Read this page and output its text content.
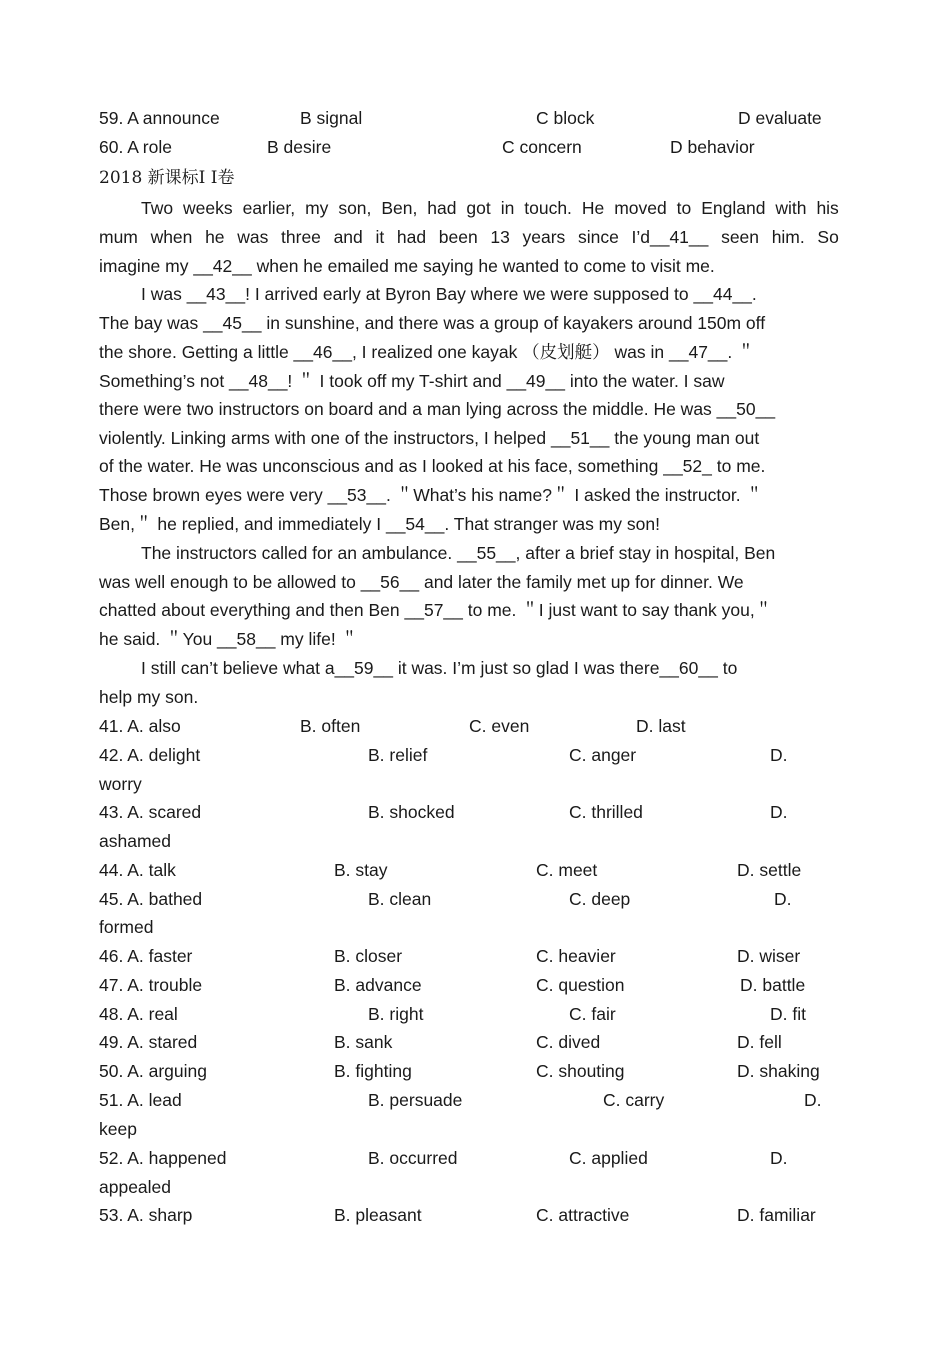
59. A announce	B signal	C block	D evaluate
60. A role	B desire	C concern	D behavior
2018 新课标Ⅰ Ⅰ卷
Two weeks earlier, my son, Ben, had got in touch. He moved to England with his
mum when he was three and it had been 13 years since I’d__41__ seen him. So
imagine my __42__ when he emailed me saying he wanted to come to visit me.
I was __43__! I arrived early at Byron Bay where we were supposed to __44__.
The bay was __45__ in sunshine, and there was a group of kayakers around 150m off
the shore. Getting a little __46__, I realized one kayak （皮划艇） was in __47__. ＂
Something’s not __48__! ＂ I took off my T-shirt and __49__ into the water. I saw
there were two instructors on board and a man lying across the middle. He was __50__
violently. Linking arms with one of the instructors, I helped __51__ the young man out
of the water. He was unconscious and as I looked at his face, something __52_ to me.
Those brown eyes were very __53__. ＂What’s his name?＂ I asked the instructor. ＂
Ben,＂ he replied, and immediately I __54__. That stranger was my son!
The instructors called for an ambulance. __55__, after a brief stay in hospital, Ben
was well enough to be allowed to __56__ and later the family met up for dinner. We
chatted about everything and then Ben __57__ to me. ＂I just want to say thank you,＂
he said. ＂You __58__ my life! ＂
I still can’t believe what a__59__ it was. I’m just so glad I was there__60__ to
help my son.
41. A. also	B. often	C. even	D. last
42. A. delight	B. relief	C. anger	D.
worry
43. A. scared	B. shocked	C. thrilled	D.
ashamed
44. A. talk	B. stay	C. meet	D. settle
45. A. bathed	B. clean	C. deep	D.
formed
46. A. faster	B. closer	C. heavier	D. wiser
47. A. trouble	B. advance	C. question	D. battle
48. A. real	B. right	C. fair	D. fit
49. A. stared	B. sank	C. dived	D. fell
50. A. arguing	B. fighting	C. shouting	D. shaking
51. A. lead	B. persuade	C. carry	D.
keep
52. A. happened	B. occurred	C. applied	D.
appealed
53. A. sharp	B. pleasant	C. attractive	D. familiar
